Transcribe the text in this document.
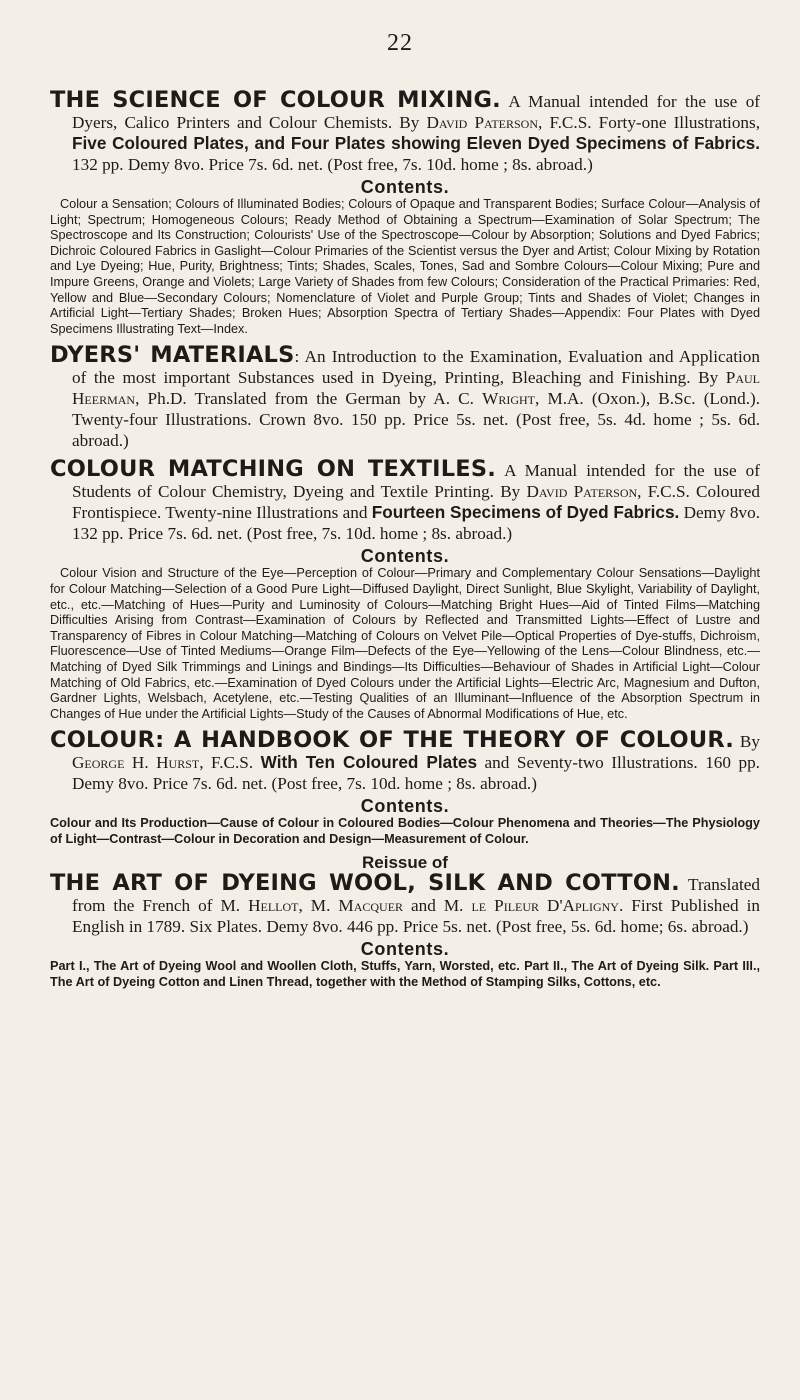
22

THE SCIENCE OF COLOUR MIXING. A Manual intended for the use of Dyers, Calico Printers and Colour Chemists. By David Paterson, F.C.S. Forty-one Illustrations, Five Coloured Plates, and Four Plates showing Eleven Dyed Specimens of Fabrics. 132 pp. Demy 8vo. Price 7s. 6d. net. (Post free, 7s. 10d. home ; 8s. abroad.)

Contents.

Colour a Sensation; Colours of Illuminated Bodies; Colours of Opaque and Transparent Bodies; Surface Colour—Analysis of Light; Spectrum; Homogeneous Colours; Ready Method of Obtaining a Spectrum—Examination of Solar Spectrum; The Spectroscope and Its Construction; Colourists' Use of the Spectroscope—Colour by Absorption; Solutions and Dyed Fabrics; Dichroic Coloured Fabrics in Gaslight—Colour Primaries of the Scientist versus the Dyer and Artist; Colour Mixing by Rotation and Lye Dyeing; Hue, Purity, Brightness; Tints; Shades, Scales, Tones, Sad and Sombre Colours—Colour Mixing; Pure and Impure Greens, Orange and Violets; Large Variety of Shades from few Colours; Consideration of the Practical Primaries: Red, Yellow and Blue—Secondary Colours; Nomenclature of Violet and Purple Group; Tints and Shades of Violet; Changes in Artificial Light—Tertiary Shades; Broken Hues; Absorption Spectra of Tertiary Shades—Appendix: Four Plates with Dyed Specimens Illustrating Text—Index.

DYERS' MATERIALS: An Introduction to the Examination, Evaluation and Application of the most important Substances used in Dyeing, Printing, Bleaching and Finishing. By Paul Heerman, Ph.D. Translated from the German by A. C. Wright, M.A. (Oxon.), B.Sc. (Lond.). Twenty-four Illustrations. Crown 8vo. 150 pp. Price 5s. net. (Post free, 5s. 4d. home ; 5s. 6d. abroad.)

COLOUR MATCHING ON TEXTILES. A Manual intended for the use of Students of Colour Chemistry, Dyeing and Textile Printing. By David Paterson, F.C.S. Coloured Frontispiece. Twenty-nine Illustrations and Fourteen Specimens of Dyed Fabrics. Demy 8vo. 132 pp. Price 7s. 6d. net. (Post free, 7s. 10d. home ; 8s. abroad.)

Contents.

Colour Vision and Structure of the Eye—Perception of Colour—Primary and Complementary Colour Sensations—Daylight for Colour Matching—Selection of a Good Pure Light—Diffused Daylight, Direct Sunlight, Blue Skylight, Variability of Daylight, etc., etc.—Matching of Hues—Purity and Luminosity of Colours—Matching Bright Hues—Aid of Tinted Films—Matching Difficulties Arising from Contrast—Examination of Colours by Reflected and Transmitted Lights—Effect of Lustre and Transparency of Fibres in Colour Matching—Matching of Colours on Velvet Pile—Optical Properties of Dye-stuffs, Dichroism, Fluorescence—Use of Tinted Mediums—Orange Film—Defects of the Eye—Yellowing of the Lens—Colour Blindness, etc.—Matching of Dyed Silk Trimmings and Linings and Bindings—Its Difficulties—Behaviour of Shades in Artificial Light—Colour Matching of Old Fabrics, etc.—Examination of Dyed Colours under the Artificial Lights—Electric Arc, Magnesium and Dufton, Gardner Lights, Welsbach, Acetylene, etc.—Testing Qualities of an Illuminant—Influence of the Absorption Spectrum in Changes of Hue under the Artificial Lights—Study of the Causes of Abnormal Modifications of Hue, etc.

COLOUR: A HANDBOOK OF THE THEORY OF COLOUR. By George H. Hurst, F.C.S. With Ten Coloured Plates and Seventy-two Illustrations. 160 pp. Demy 8vo. Price 7s. 6d. net. (Post free, 7s. 10d. home ; 8s. abroad.)

Contents.

Colour and Its Production—Cause of Colour in Coloured Bodies—Colour Phenomena and Theories—The Physiology of Light—Contrast—Colour in Decoration and Design—Measurement of Colour.

Reissue of

THE ART OF DYEING WOOL, SILK AND COTTON. Translated from the French of M. Hellot, M. Macquer and M. le Pileur D'Apligny. First Published in English in 1789. Six Plates. Demy 8vo. 446 pp. Price 5s. net. (Post free, 5s. 6d. home; 6s. abroad.)

Contents.

Part I., The Art of Dyeing Wool and Woollen Cloth, Stuffs, Yarn, Worsted, etc. Part II., The Art of Dyeing Silk. Part III., The Art of Dyeing Cotton and Linen Thread, together with the Method of Stamping Silks, Cottons, etc.
